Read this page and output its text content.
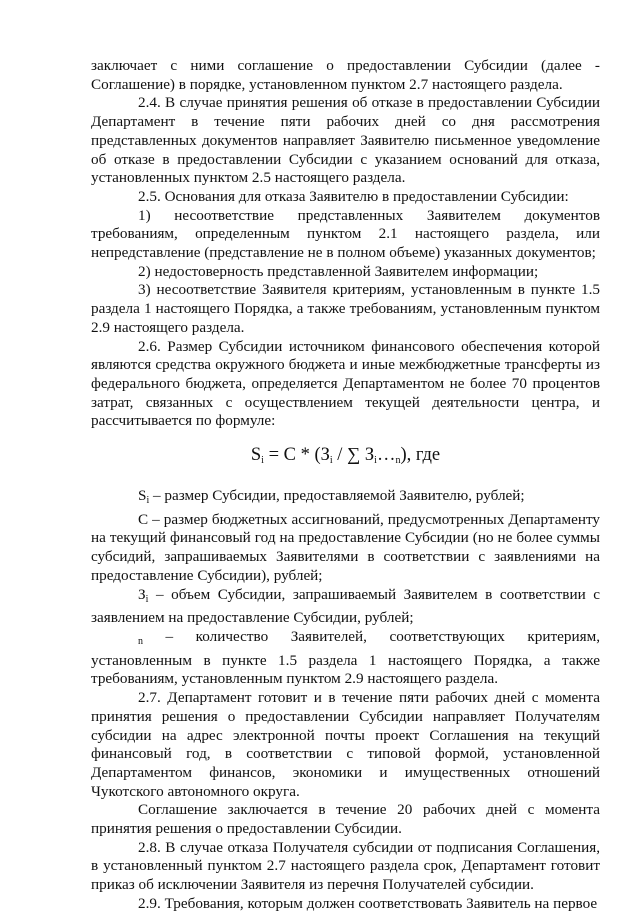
заключает с ними соглашение о предоставлении Субсидии (далее - Соглашение) в порядке, установленном пунктом 2.7 настоящего раздела.

2.4. В случае принятия решения об отказе в предоставлении Субсидии Департамент в течение пяти рабочих дней со дня рассмотрения представленных документов направляет Заявителю письменное уведомление об отказе в предоставлении Субсидии с указанием оснований для отказа, установленных пунктом 2.5 настоящего раздела.

2.5. Основания для отказа Заявителю в предоставлении Субсидии:

1) несоответствие представленных Заявителем документов требованиям, определенным пунктом 2.1 настоящего раздела, или непредставление (представление не в полном объеме) указанных документов;

2) недостоверность представленной Заявителем информации;

3) несоответствие Заявителя критериям, установленным в пункте 1.5 раздела 1 настоящего Порядка, а также требованиям, установленным пунктом 2.9 настоящего раздела.

2.6. Размер Субсидии источником финансового обеспечения которой являются средства окружного бюджета и иные межбюджетные трансферты из федерального бюджета, определяется Департаментом не более 70 процентов затрат, связанных с осуществлением текущей деятельности центра, и рассчитывается по формуле:

Si = С * (Зi / ∑ Зi…n), где

$S_i$ – размер Субсидии, предоставляемой Заявителю, рублей;

С – размер бюджетных ассигнований, предусмотренных Департаменту на текущий финансовый год на предоставление Субсидии (но не более суммы субсидий, запрашиваемых Заявителями в соответствии с заявлениями на предоставление Субсидии), рублей;

$З_i$ – объем Субсидии, запрашиваемый Заявителем в соответствии с заявлением на предоставление Субсидии, рублей;

$_n$ – количество Заявителей, соответствующих критериям, установленным в пункте 1.5 раздела 1 настоящего Порядка, а также требованиям, установленным пунктом 2.9 настоящего раздела.

2.7. Департамент готовит и в течение пяти рабочих дней с момента принятия решения о предоставлении Субсидии направляет Получателям субсидии на адрес электронной почты проект Соглашения на текущий финансовый год, в соответствии с типовой формой, установленной Департаментом финансов, экономики и имущественных отношений Чукотского автономного округа.

Соглашение заключается в течение 20 рабочих дней с момента принятия решения о предоставлении Субсидии.

2.8. В случае отказа Получателя субсидии от подписания Соглашения, в установленный пунктом 2.7 настоящего раздела срок, Департамент готовит приказ об исключении Заявителя из перечня Получателей субсидии.

2.9. Требования, которым должен соответствовать Заявитель на первое
